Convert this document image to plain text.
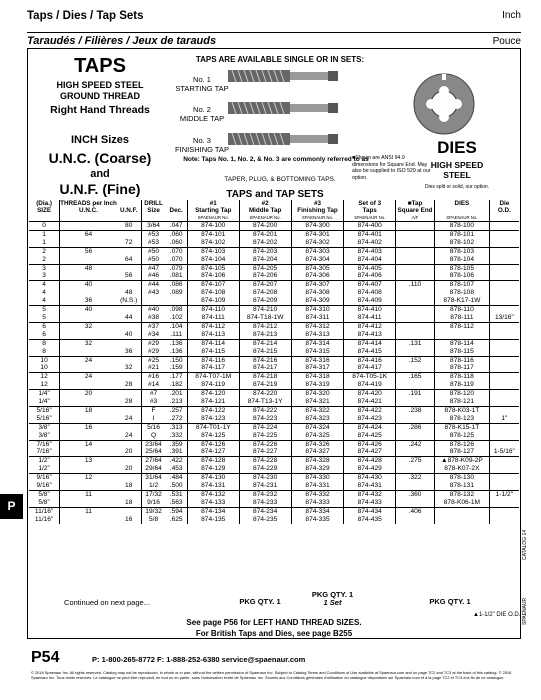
Taps / Dies / Tap Sets	Inch
Taraudés / Filières / Jeux de tarauds	Pouce
TAPS
HIGH SPEED STEEL
GROUND THREAD
Right Hand Threads
INCH Sizes
U.N.C. (Coarse)
and
U.N.F. (Fine)
TAPS ARE AVAILABLE SINGLE OR IN SETS:
No. 1
STARTING TAP
No. 2
MIDDLE TAP
No. 3
FINISHING TAP
Note: Taps No. 1, No. 2, & No. 3 are commonly referred to as
TAPER, PLUG, & BOTTOMING TAPS.
■Shown are ANSI 94.9 dimensions for Square End. May also be supplied to ISO 529 at our option.
TAPS and TAP SETS
DIES
HIGH SPEED
STEEL
Dies split or solid, our option.
(Dia.)	THREADS per Inch		DRILL		#1	#2	#3	Set of 3	■Tap	DIES	Die
SIZE	U.N.C.	U.N.F.	Size	Dec.	Starting Tap	Middle Tap	Finishing Tap	Taps	Square End		O.D.
					SPAENAUR No.	SPAENAUR No.	SPAENAUR No.	SPAENAUR No.	A/F	SPAENAUR No.	
0		80	3/64	.047	874-100	874-200	874-300	874-400		878-100	
1	64		#53	.060	874-101	874-201	874-301	874-401		878-101	
1		72	#53	.060	874-102	874-202	874-302	874-402		878-102	
2	56		#50	.070	874-103	874-203	874-303	874-403		878-103	
2		64	#50	.070	874-104	874-204	874-304	874-404		878-104	
3	48		#47	.079	874-105	874-205	874-305	874-405		878-105	
3		56	#46	.081	874-106	874-206	874-306	874-406		878-106	
4	40		#44	.086	874-107	874-207	874-307	874-407	.110	878-107	
4		48	#43	.089	874-108	874-208	874-308	874-408		878-108	
4	36	(N.S.)			874-109	874-209	874-309	874-409		878-K17-1W	
5	40		#40	.098	874-110	874-210	874-310	874-410		878-110	
5		44	#38	.102	874-111	874-T18-1W	874-311	874-411		878-111	13/16"
6	32		#37	.104	874-112	874-212	874-312	874-412		878-112	
6		40	#34	.111	874-113	874-213	874-313	874-413			
8	32		#29	.136	874-114	874-214	874-314	874-414	.131	878-114	
8		36	#29	.136	874-115	874-215	874-315	874-415		878-115	
10	24		#25	.150	874-116	874-216	874-316	874-416	.152	878-116	
10		32	#21	.159	874-117	874-217	874-317	874-417		878-117	
12	24		#16	.177	874-T07-1M	874-218	874-318	874-T05-1K	.165	878-118	
12		28	#14	.182	874-119	874-219	874-319	874-419		878-119	
1/4"	20		#7	.201	874-120	874-220	874-320	874-420	.191	878-120	
1/4"		28	#3	.213	874-121	874-T13-1Y	874-321	874-421		878-121	
5/16"	18		F	.257	874-122	874-222	874-322	874-422	.238	878-K03-1T	
5/16"		24	I	.272	874-123	874-223	874-323	874-423		878-123	1"
3/8"	16		5/16	.313	874-T01-1Y	874-224	874-324	874-424	.286	878-K15-1T	
3/8"		24	Q	.332	874-125	874-225	874-325	874-425		878-125	
7/16"	14		23/64	.359	874-126	874-226	874-326	874-426	.242	878-126	
7/16"		20	25/64	.391	874-127	874-227	874-327	874-427		878-127	1-5/16"
1/2"	13		27/64	.422	874-128	874-228	874-328	874-428	.275	▲878-K09-2P	
1/2"		20	29/64	.453	874-129	874-229	874-329	874-429		878-K07-2X	
9/16"	12		31/64	.484	874-130	874-230	874-330	874-430	.322	878-130	
9/16"		18	1/2	.500	874-131	874-231	874-331	874-431		878-131	
5/8"	11		17/32	.531	874-132	874-232	874-332	874-432	.360	878-132	1-1/2"
5/8"		18	9/16	.563	874-133	874-233	874-333	874-433		878-K06-1M	
11/16"	11		19/32	.594	874-134	874-234	874-334	874-434	.406		
11/16"		16	5/8	.625	874-135	874-235	874-335	874-435			
Continued on next page...	PKG QTY. 1
PKG QTY. 1
1 Set	PKG QTY. 1
▲1-1/2" DIE O.D.
See page P56 for LEFT HAND THREAD SIZES.
For British Taps and Dies, see page B255
P54	P: 1-800-265-8772 F: 1-888-252-6380 service@spaenaur.com
© 2018 Spaenaur Inc. All rights reserved. Catalog may not be reproduced, in whole or in part, without the written permission of Spaenaur Inc. Subject to Catalog Terms and Conditions of Use available at Spaenaur.com and on page TC2 and TC3 at the back of this catalog. © 2018 Spaenaur Inc. Tous droits réservés. Le catalogue ne peut être reproduit, en tout ou en partie, sans l'autorisation écrite de Spaenaur Inc. Soumis aux Conditions générales d'utilisation du catalogue disponibles sur Spaenaur.com et à la page TC2 et TC3 à la fin de ce catalogue.
P
CATALOG 14
SPAENAUR
